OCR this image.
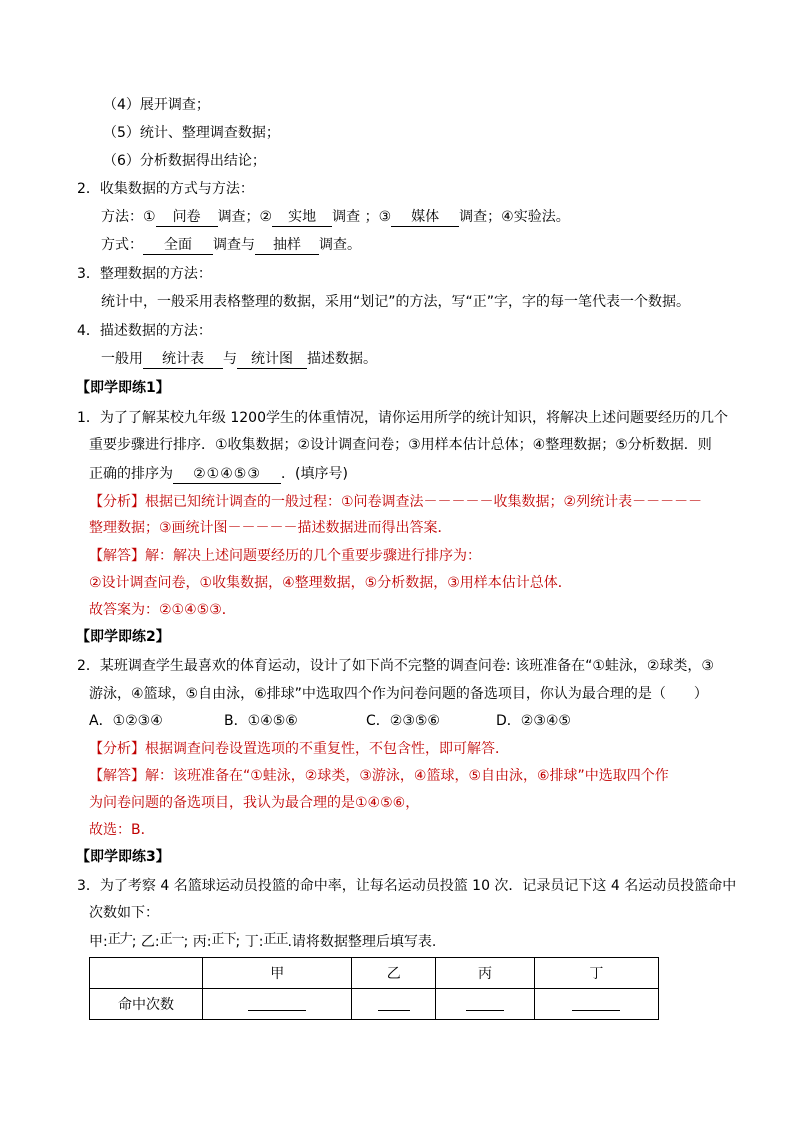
（4）展开调查；
（5）统计、整理调查数据；
（6）分析数据得出结论；
2．收集数据的方式与方法：
方法：① 问卷 调查；② 实地 调查 ；③ 媒体 调查；④实验法。
方式： 全面 调查与 抽样 调查。
3．整理数据的方法：
统计中，一般采用表格整理的数据，采用“划记”的方法，写“正”字，字的每一笔代表一个数据。
4．描述数据的方法：
一般用 统计表 与 统计图 描述数据。
【即学即练1】
1．为了了解某校九年级 1200学生的体重情况，请你运用所学的统计知识，将解决上述问题要经历的几个
重要步骤进行排序．①收集数据；②设计调查问卷；③用样本估计总体；④整理数据；⑤分析数据．则
正确的排序为 ②①④⑤③ ．(填序号)
【分析】根据已知统计调查的一般过程：①问卷调查法－－－－－收集数据；②列统计表－－－－－
整理数据；③画统计图－－－－－描述数据进而得出答案．
【解答】解：解决上述问题要经历的几个重要步骤进行排序为：
②设计调查问卷，①收集数据，④整理数据，⑤分析数据，③用样本估计总体．
故答案为：②①④⑤③．
【即学即练2】
2．某班调查学生最喜欢的体育运动，设计了如下尚不完整的调查问卷: 该班准备在“①蛙泳，②球类，③
游泳，④篮球，⑤自由泳，⑥排球”中选取四个作为问卷问题的备选项目，你认为最合理的是（　　）
A．①②③④	B．①④⑤⑥	C．②③⑤⑥	D．②③④⑤
【分析】根据调查问卷设置选项的不重复性，不包含性，即可解答．
【解答】解：该班准备在“①蛙泳，②球类，③游泳，④篮球，⑤自由泳，⑥排球”中选取四个作
为问卷问题的备选项目，我认为最合理的是①④⑤⑥，
故选：B．
【即学即练3】
3．为了考察 4 名篮球运动员投篮的命中率，让每名运动员投篮 10 次．记录员记下这 4 名运动员投篮命中
次数如下：
甲:正𠂇; 乙:正一; 丙:正下; 丁:正正.请将数据整理后填写表.
	甲	乙	丙	丁
命中次数				
